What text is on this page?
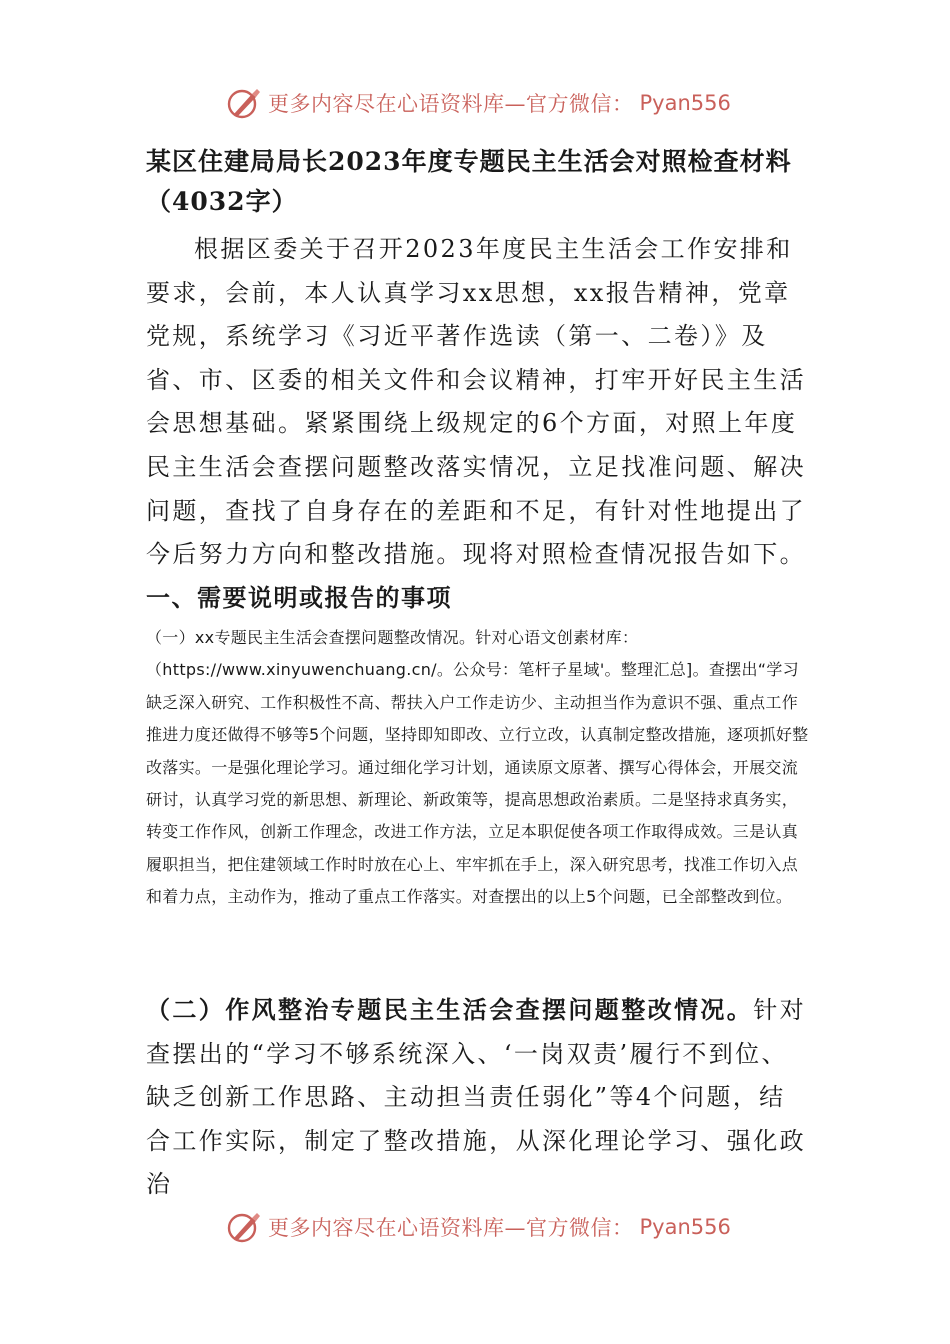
更多内容尽在心语资料库—官方微信： Pyan556
某区住建局局长2023年度专题民主生活会对照检查材料（4032字）

根据区委关于召开2023年度民主生活会工作安排和要求，会前，本人认真学习xx思想，xx报告精神，党章党规，系统学习《习近平著作选读（第一、二卷）》及省、市、区委的相关文件和会议精神，打牢开好民主生活会思想基础。紧紧围绕上级规定的6个方面，对照上年度民主生活会查摆问题整改落实情况，立足找准问题、解决问题，查找了自身存在的差距和不足，有针对性地提出了今后努力方向和整改措施。现将对照检查情况报告如下。

一、需要说明或报告的事项

（一）xx专题民主生活会查摆问题整改情况。针对心语文创素材库：（https://www.xinyuwenchuang.cn/。公众号：笔杆子星域'。整理汇总]。查摆出“学习缺乏深入研究、工作积极性不高、帮扶入户工作走访少、主动担当作为意识不强、重点工作推进力度还做得不够等5个问题，坚持即知即改、立行立改，认真制定整改措施，逐项抓好整改落实。一是强化理论学习。通过细化学习计划，通读原文原著、撰写心得体会，开展交流研讨，认真学习党的新思想、新理论、新政策等，提高思想政治素质。二是坚持求真务实，转变工作作风，创新工作理念，改进工作方法，立足本职促使各项工作取得成效。三是认真履职担当，把住建领域工作时时放在心上、牢牢抓在手上，深入研究思考，找准工作切入点和着力点，主动作为，推动了重点工作落实。对查摆出的以上5个问题，已全部整改到位。

（二）作风整治专题民主生活会查摆问题整改情况。针对查摆出的“学习不够系统深入、‘一岗双责’履行不到位、缺乏创新工作思路、主动担当责任弱化”等4个问题，结合工作实际，制定了整改措施，从深化理论学习、强化政治

更多内容尽在心语资料库—官方微信： Pyan556
